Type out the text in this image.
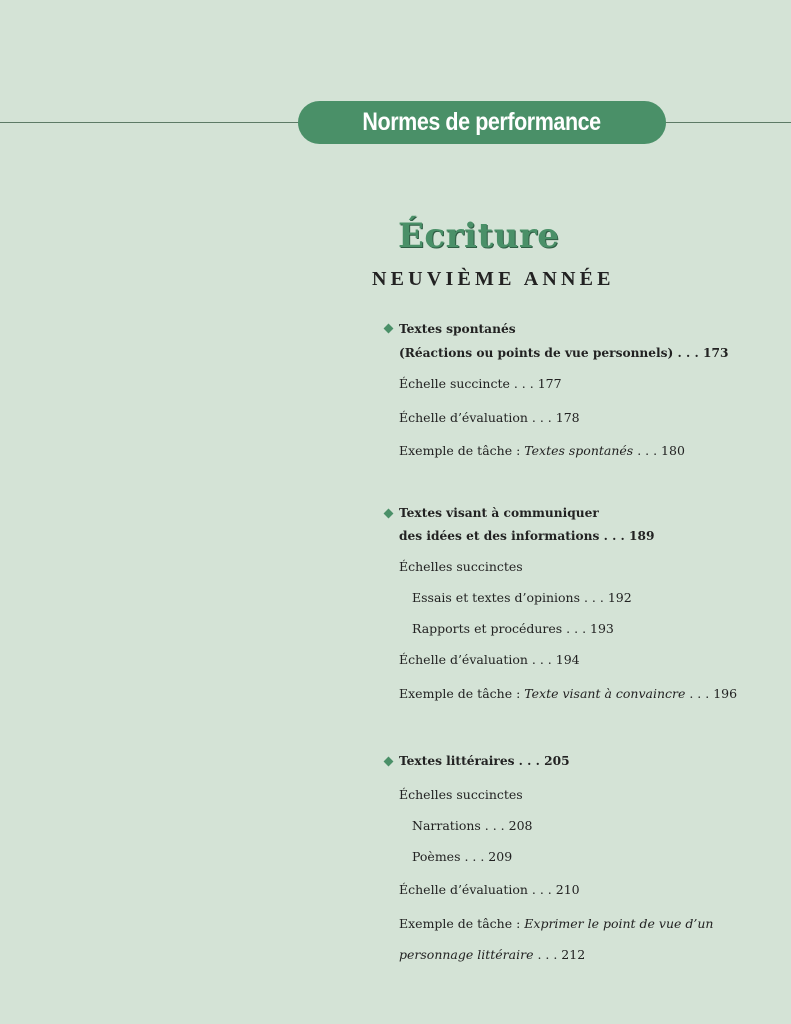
Normes de performance
Écriture
NEUVIÈME ANNÉE
Textes spontanés
(Réactions ou points de vue personnels) . . . 173
Échelle succincte . . . 177
Échelle d’évaluation . . . 178
Exemple de tâche : Textes spontanés . . . 180
Textes visant à communiquer
des idées et des informations . . . 189
Échelles succinctes
Essais et textes d’opinions . . . 192
Rapports et procédures . . . 193
Échelle d’évaluation . . . 194
Exemple de tâche : Texte visant à convaincre . . . 196
Textes littéraires . . . 205
Échelles succinctes
Narrations . . . 208
Poèmes . . . 209
Échelle d’évaluation . . . 210
Exemple de tâche : Exprimer le point de vue d’un
personnage littéraire . . . 212
